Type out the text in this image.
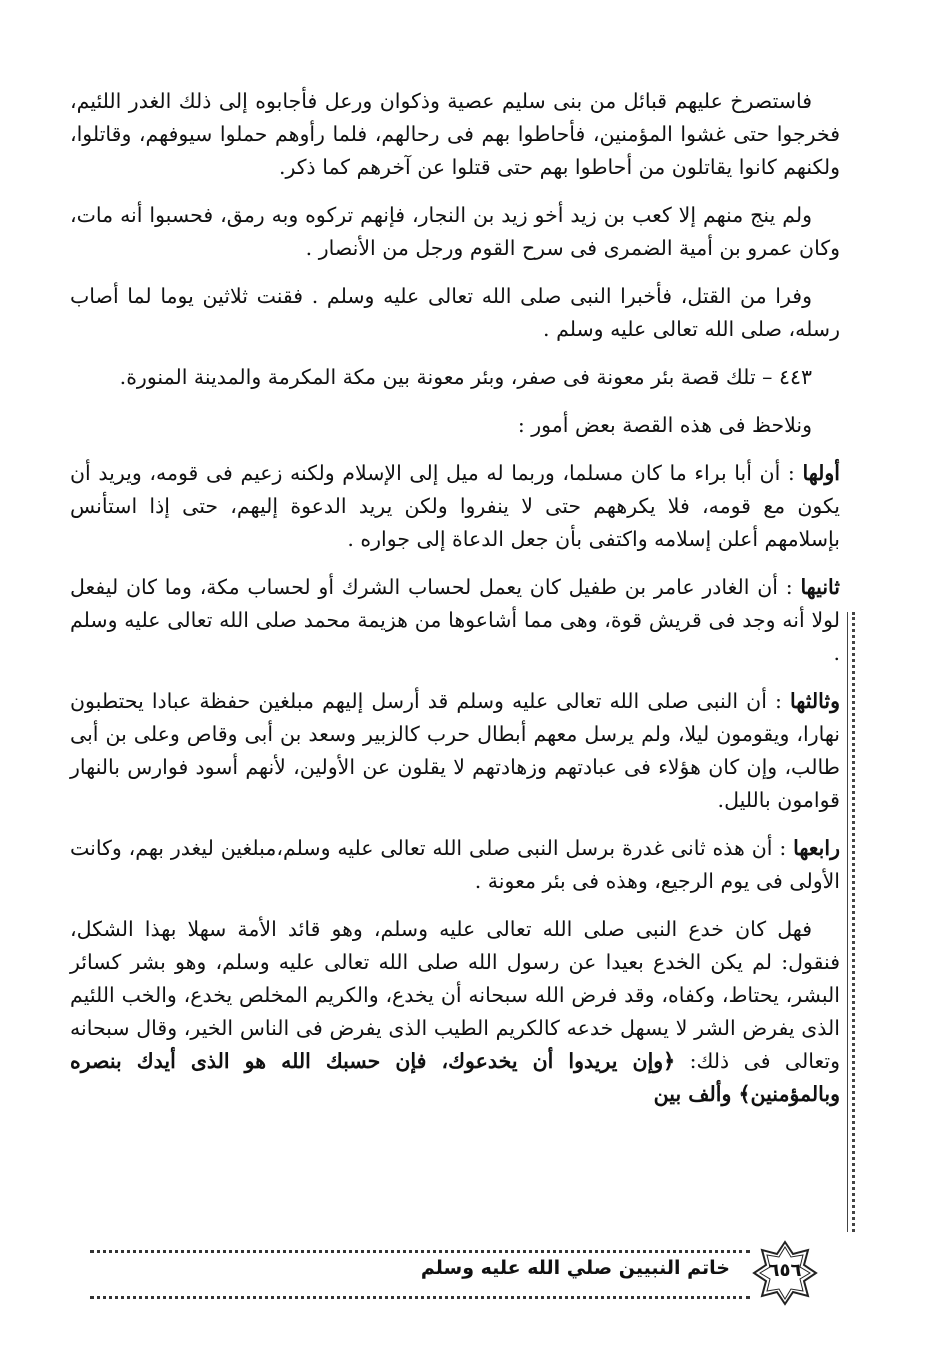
فاستصرخ عليهم قبائل من بنى سليم عصية وذكوان ورعل فأجابوه إلى ذلك الغدر اللئيم، فخرجوا حتى غشوا المؤمنين، فأحاطوا بهم فى رحالهم، فلما رأوهم حملوا سيوفهم، وقاتلوا، ولكنهم كانوا يقاتلون من أحاطوا بهم حتى قتلوا عن آخرهم كما ذكر.

ولم ينج منهم إلا كعب بن زيد أخو زيد بن النجار، فإنهم تركوه وبه رمق، فحسبوا أنه مات، وكان عمرو بن أمية الضمرى فى سرح القوم ورجل من الأنصار .

وفرا من القتل، فأخبرا النبى صلى الله تعالى عليه وسلم . فقنت ثلاثين يوما لما أصاب رسله، صلى الله تعالى عليه وسلم .

٤٤٣ – تلك قصة بئر معونة فى صفر، وبئر معونة بين مكة المكرمة والمدينة المنورة.

ونلاحظ فى هذه القصة بعض أمور :

أولها : أن أبا براء ما كان مسلما، وربما له ميل إلى الإسلام ولكنه زعيم فى قومه، ويريد أن يكون مع قومه، فلا يكرههم حتى لا ينفروا ولكن يريد الدعوة إليهم، حتى إذا استأنس بإسلامهم أعلن إسلامه واكتفى بأن جعل الدعاة إلى جواره .

ثانيها : أن الغادر عامر بن طفيل كان يعمل لحساب الشرك أو لحساب مكة، وما كان ليفعل لولا أنه وجد فى قريش قوة، وهى مما أشاعوها من هزيمة محمد صلى الله تعالى عليه وسلم .

وثالثها : أن النبى صلى الله تعالى عليه وسلم قد أرسل إليهم مبلغين حفظة عبادا يحتطبون نهارا، ويقومون ليلا، ولم يرسل معهم أبطال حرب كالزبير وسعد بن أبى وقاص وعلى بن أبى طالب، وإن كان هؤلاء فى عبادتهم وزهادتهم لا يقلون عن الأولين، لأنهم أسود فوارس بالنهار قوامون بالليل.

رابعها : أن هذه ثانى غدرة برسل النبى صلى الله تعالى عليه وسلم،مبلغين ليغدر بهم، وكانت الأولى فى يوم الرجيع، وهذه فى بئر معونة .

فهل كان خدع النبى صلى الله تعالى عليه وسلم، وهو قائد الأمة سهلا بهذا الشكل، فنقول: لم يكن الخدع بعيدا عن رسول الله صلى الله تعالى عليه وسلم، وهو بشر كسائر البشر، يحتاط، وكفاه، وقد فرض الله سبحانه أن يخدع، والكريم المخلص يخدع، والخب اللئيم الذى يفرض الشر لا يسهل خدعه كالكريم الطيب الذى يفرض فى الناس الخير، وقال سبحانه وتعالى فى ذلك: ﴿وإن يريدوا أن يخدعوك، فإن حسبك الله هو الذى أيدك بنصره وبالمؤمنين﴾ وألف بين

خاتم النبيين صلي الله عليه وسلم	٦٥٦
